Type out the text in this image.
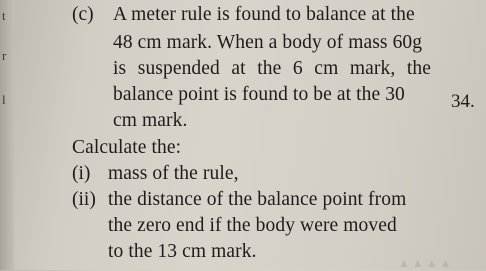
t
r
l
(c) A meter rule is found to balance at the
48 cm mark. When a body of mass 60g
is suspended at the 6 cm mark, the
balance point is found to be at the 30
cm mark.
34.
Calculate the:
(i) mass of the rule,
(ii) the distance of the balance point from
the zero end if the body were moved
to the 13 cm mark.
▲▲▲▲
